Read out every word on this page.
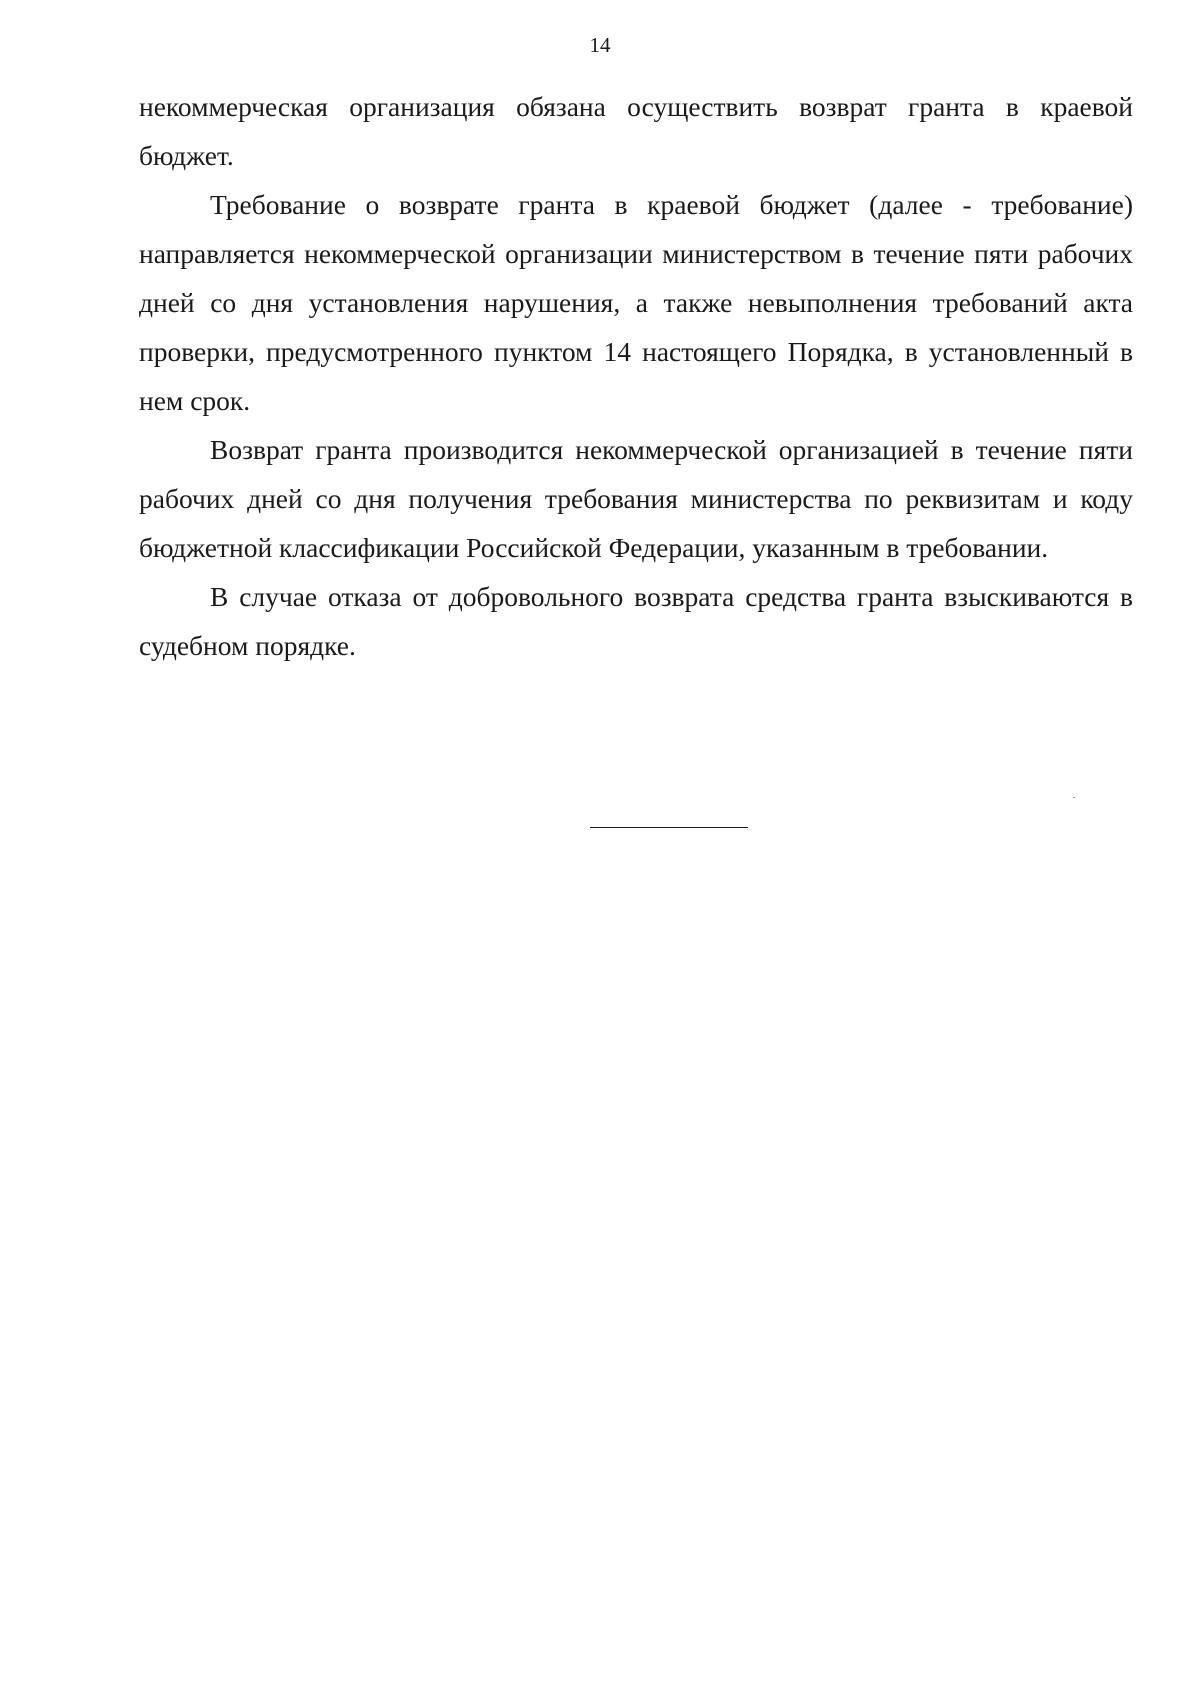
14

некоммерческая организация обязана осуществить возврат гранта в краевой бюджет.

Требование о возврате гранта в краевой бюджет (далее - требование) направляется некоммерческой организации министерством в течение пяти рабочих дней со дня установления нарушения, а также невыполнения требований акта проверки, предусмотренного пунктом 14 настоящего Порядка, в установленный в нем срок.

Возврат гранта производится некоммерческой организацией в течение пяти рабочих дней со дня получения требования министерства по реквизитам и коду бюджетной классификации Российской Федерации, указанным в требовании.

В случае отказа от добровольного возврата средства гранта взыскиваются в судебном порядке.
